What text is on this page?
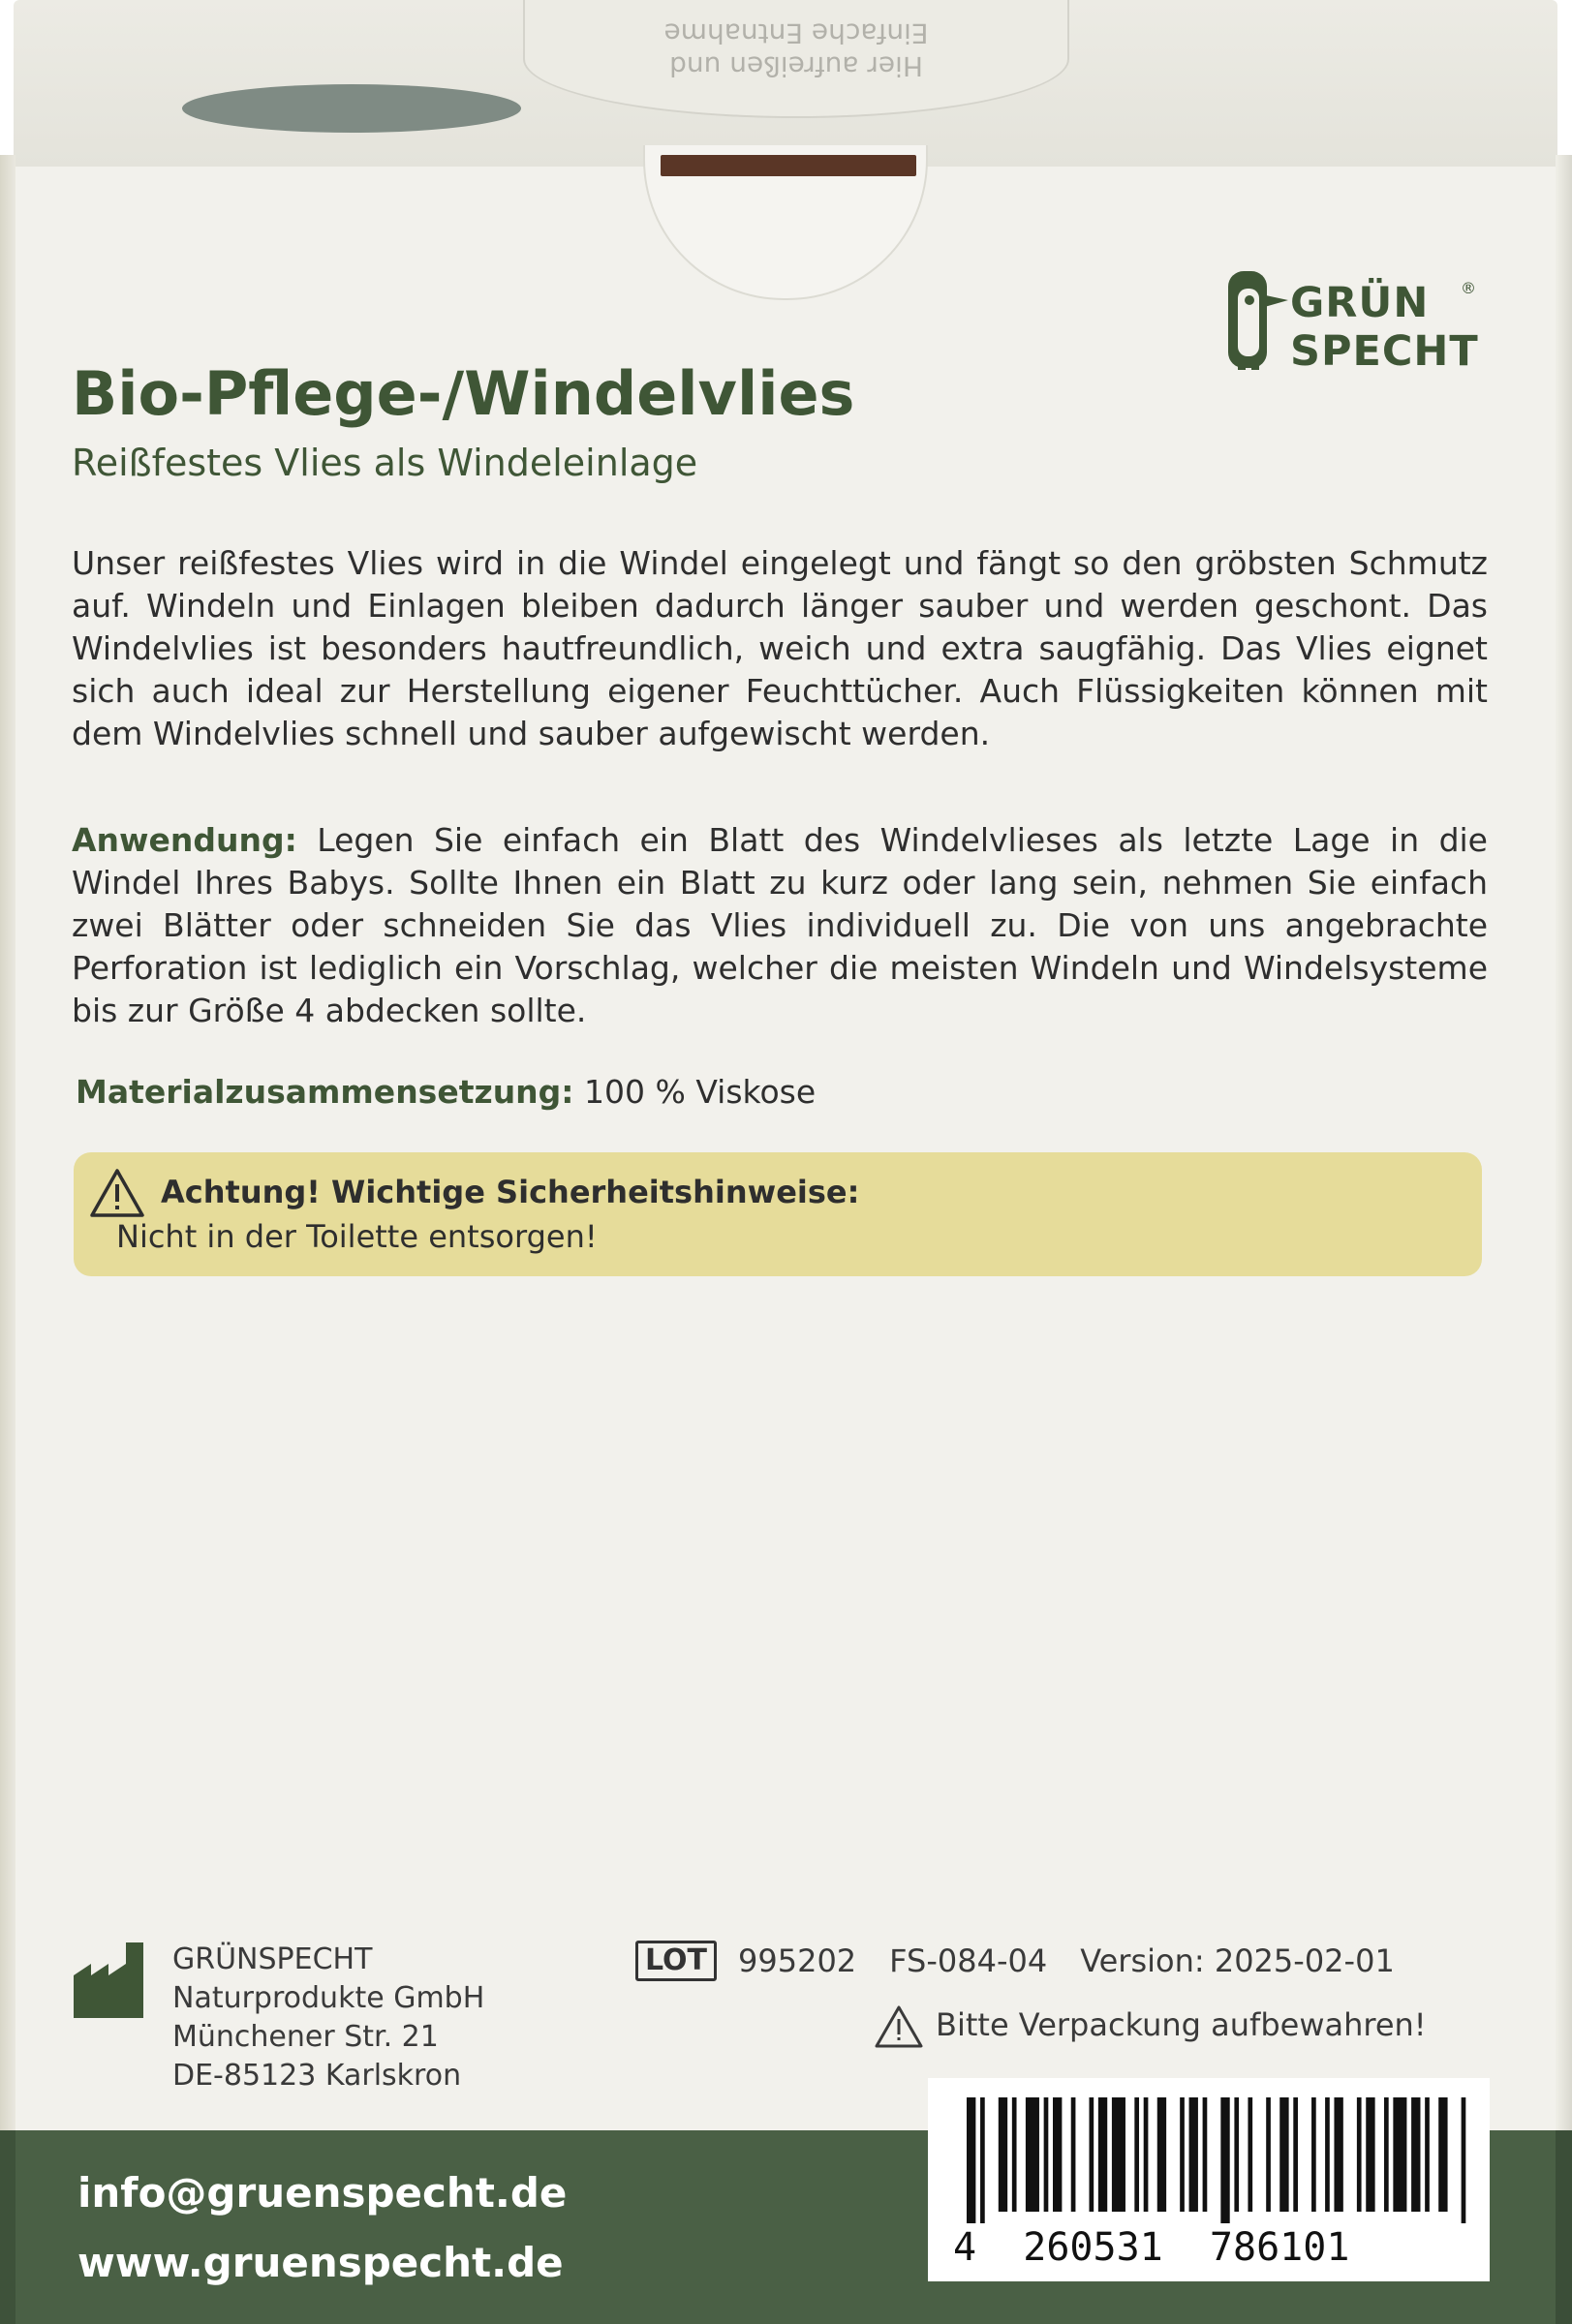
Hier aufreißen und
Einfache Entnahme
GRÜN
SPECHT
®
Bio-Pflege-/Windelvlies
Reißfestes Vlies als Windeleinlage
Unser reißfestes Vlies wird in die Windel eingelegt und fängt so den gröbsten Schmutz auf. Windeln und Einlagen bleiben dadurch länger sauber und werden geschont. Das Windelvlies ist besonders hautfreundlich, weich und extra saugfähig. Das Vlies eignet sich auch ideal zur Herstellung eigener Feuchttücher. Auch Flüssigkeiten können mit dem Windelvlies schnell und sauber aufgewischt werden.
Anwendung: Legen Sie einfach ein Blatt des Windelvlieses als letzte Lage in die Windel Ihres Babys. Sollte Ihnen ein Blatt zu kurz oder lang sein, nehmen Sie einfach zwei Blätter oder schneiden Sie das Vlies individuell zu. Die von uns angebrachte Perforation ist lediglich ein Vorschlag, welcher die meisten Windeln und Windelsysteme bis zur Größe 4 abdecken sollte.
Materialzusammensetzung: 100 % Viskose
Achtung! Wichtige Sicherheitshinweise:
Nicht in der Toilette entsorgen!
GRÜNSPECHT
Naturprodukte GmbH
Münchener Str. 21
DE-85123 Karlskron
LOT	995202 FS-084-04 Version: 2025-02-01
Bitte Verpackung aufbewahren!
info@gruenspecht.de
www.gruenspecht.de	4  260531  786101
